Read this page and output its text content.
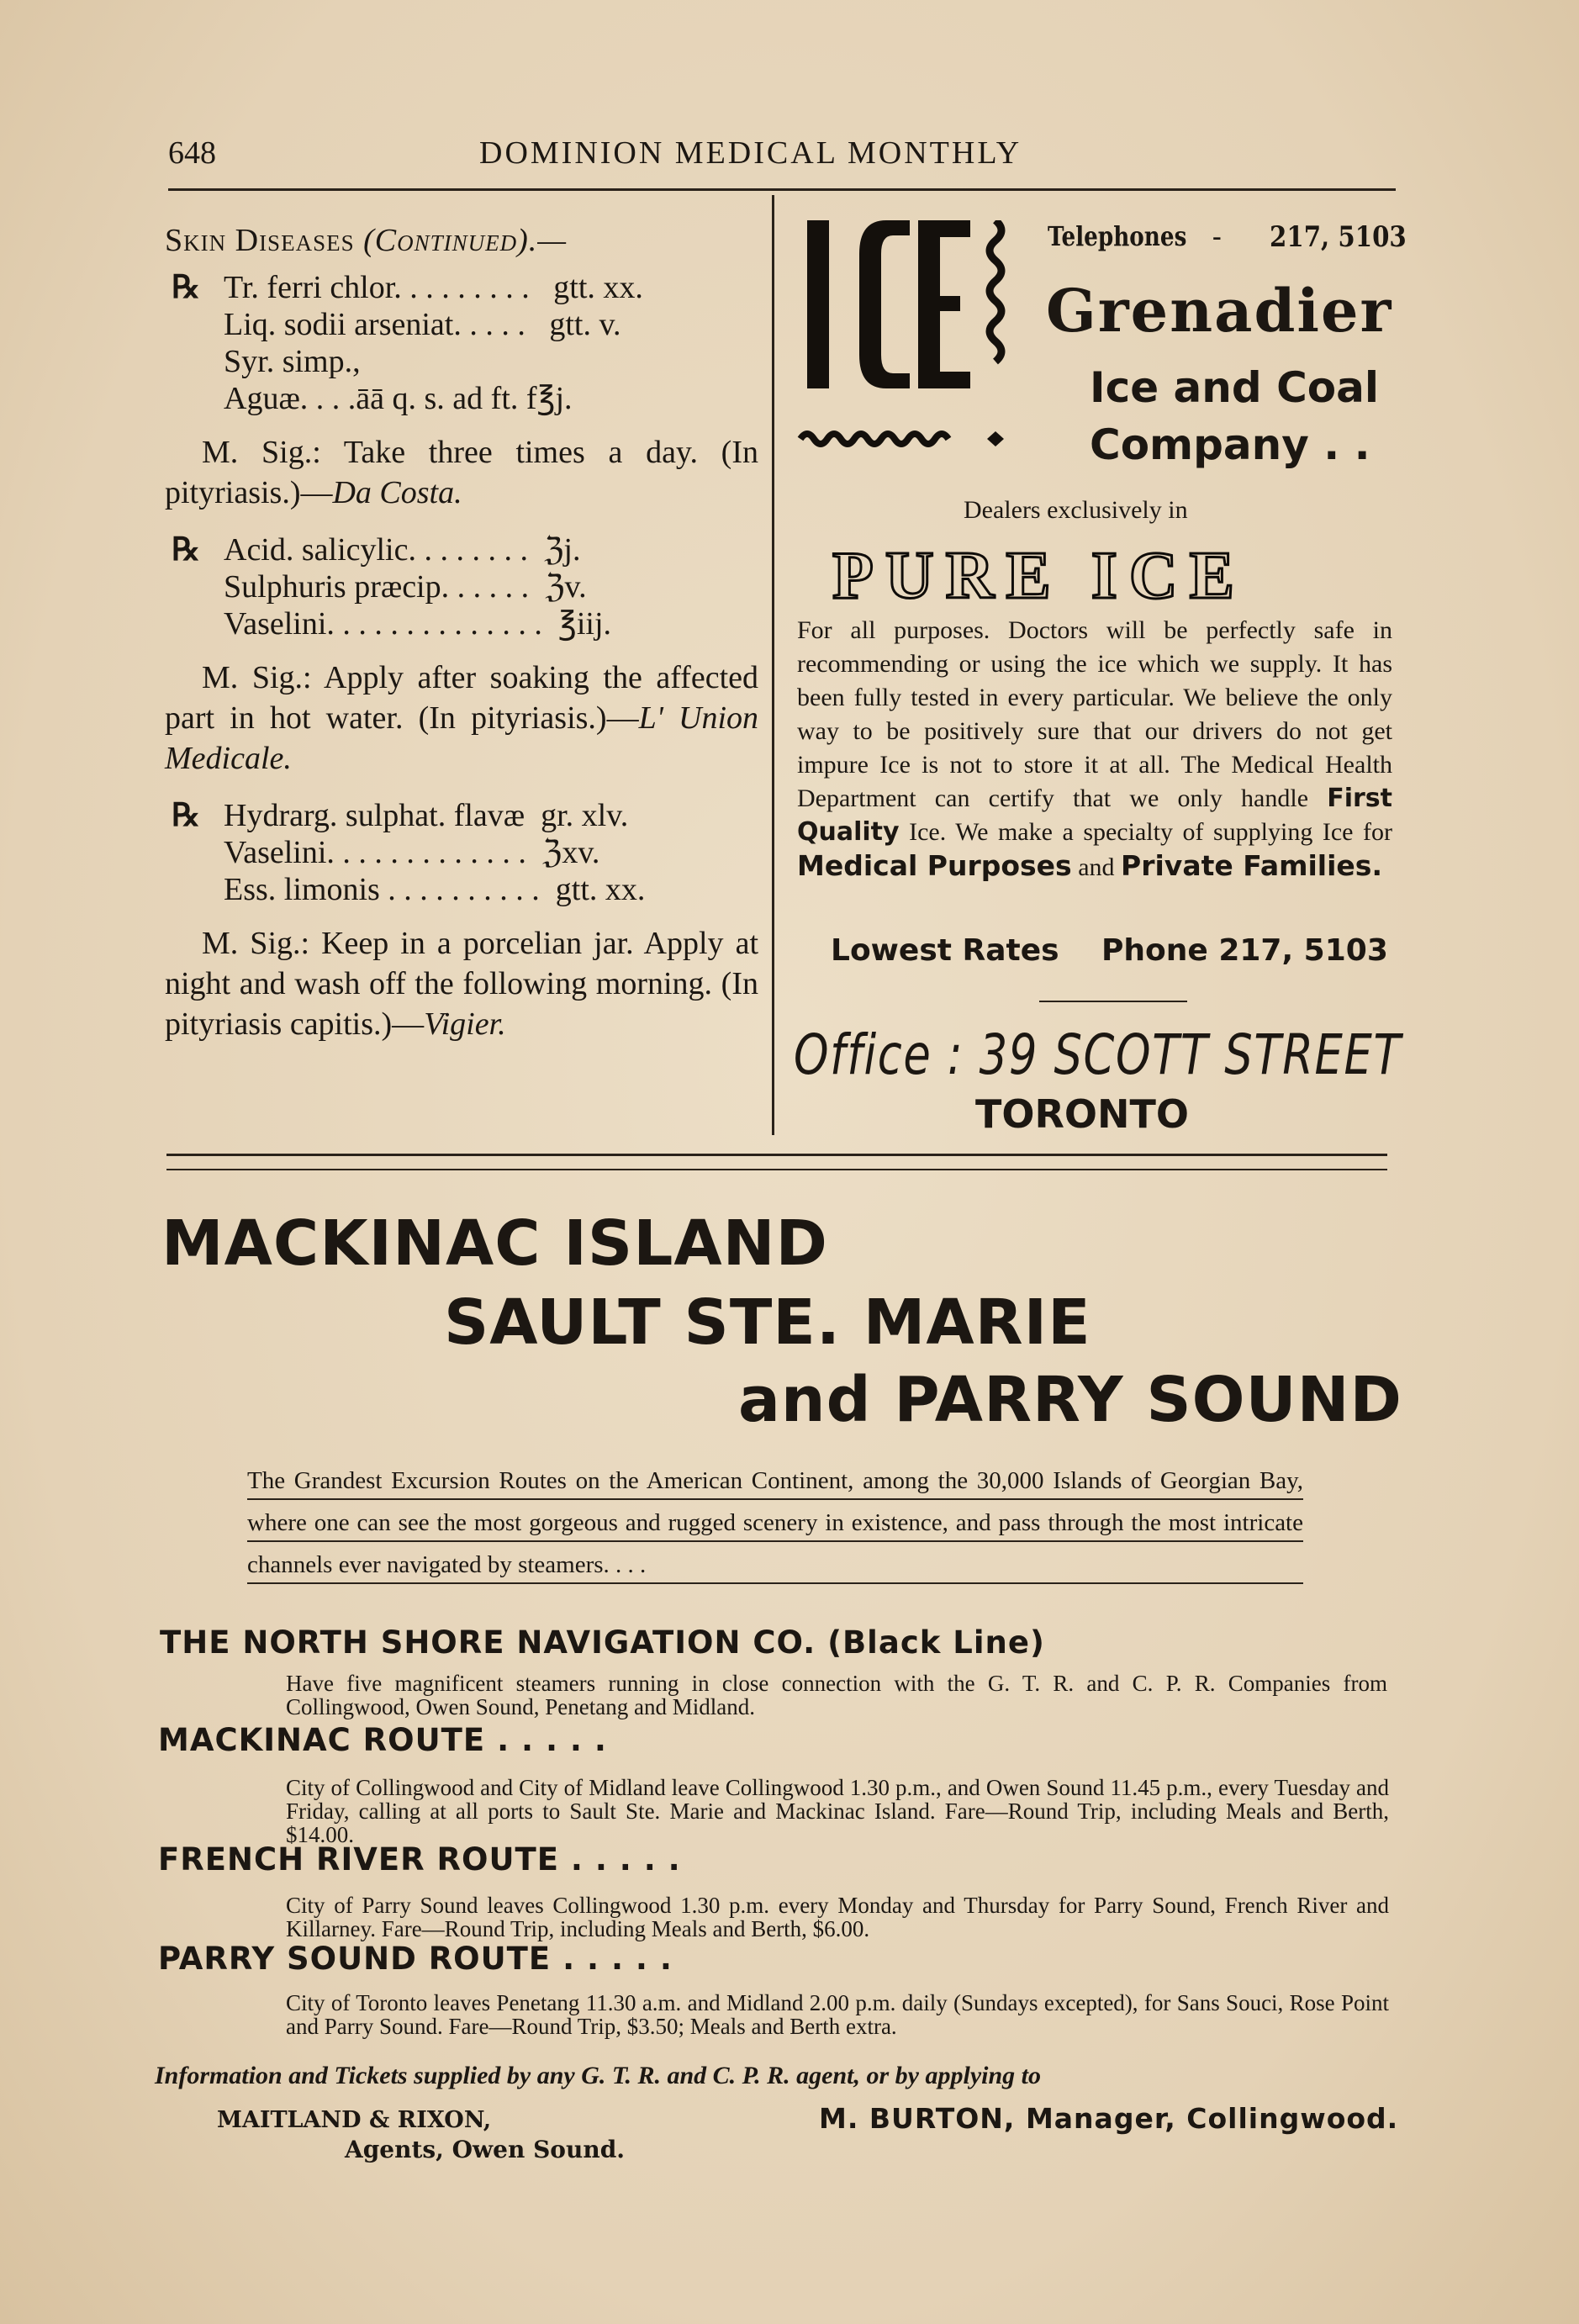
648	DOMINION MEDICAL MONTHLY
Skin Diseases (Continued).—
℞ Tr. ferri chlor. . . . . . . . .   gtt. xx.
Liq. sodii arseniat. . . . .   gtt. v.
Syr. simp.,
Aguæ. . . .āā q. s. ad ft. f℥j.
M. Sig.: Take three times a day. (In pityriasis.)—Da Costa.
℞ Acid. salicylic. . . . . . . .  ℨj.
Sulphuris præcip. . . . . .  ℨv.
Vaselini. . . . . . . . . . . . . .  ℥iij.
M. Sig.: Apply after soaking the affected part in hot water. (In pityriasis.)—L' Union Medicale.
℞ Hydrarg. sulphat. flavæ  gr. xlv.
Vaselini. . . . . . . . . . . . .  ℨxv.
Ess. limonis . . . . . . . . . .  gtt. xx.
M. Sig.: Keep in a porcelian jar. Apply at night and wash off the following morning. (In pityriasis capitis.)—Vigier.
Telephones - 217, 5103
Grenadier
Ice and Coal
Company . .
Dealers exclusively in
PURE ICE
For all purposes. Doctors will be perfectly safe in recommending or using the ice which we supply. It has been fully tested in every particular. We believe the only way to be positively sure that our drivers do not get impure Ice is not to store it at all. The Medical Health Department can certify that we only handle First Quality Ice. We make a specialty of supplying Ice for Medical Purposes and Private Families.
Lowest Rates Phone 217, 5103
Office : 39 SCOTT STREET
TORONTO
MACKINAC ISLAND
SAULT STE. MARIE
and PARRY SOUND
The Grandest Excursion Routes on the American Continent, among the 30,000 Islands of Georgian Bay, where one can see the most gorgeous and rugged scenery in existence, and pass through the most intricate channels ever navigated by steamers. . . .
THE NORTH SHORE NAVIGATION CO. (Black Line)
Have five magnificent steamers running in close connection with the G. T. R. and C. P. R. Companies from Collingwood, Owen Sound, Penetang and Midland.
MACKINAC ROUTE . . . . .
City of Collingwood and City of Midland leave Collingwood 1.30 p.m., and Owen Sound 11.45 p.m., every Tuesday and Friday, calling at all ports to Sault Ste. Marie and Mackinac Island. Fare—Round Trip, including Meals and Berth, $14.00.
FRENCH RIVER ROUTE . . . . .
City of Parry Sound leaves Collingwood 1.30 p.m. every Monday and Thursday for Parry Sound, French River and Killarney. Fare—Round Trip, including Meals and Berth, $6.00.
PARRY SOUND ROUTE . . . . .
City of Toronto leaves Penetang 11.30 a.m. and Midland 2.00 p.m. daily (Sundays excepted), for Sans Souci, Rose Point and Parry Sound. Fare—Round Trip, $3.50; Meals and Berth extra.
Information and Tickets supplied by any G. T. R. and C. P. R. agent, or by applying to
MAITLAND & RIXON,
Agents, Owen Sound.
M. BURTON, Manager, Collingwood.
